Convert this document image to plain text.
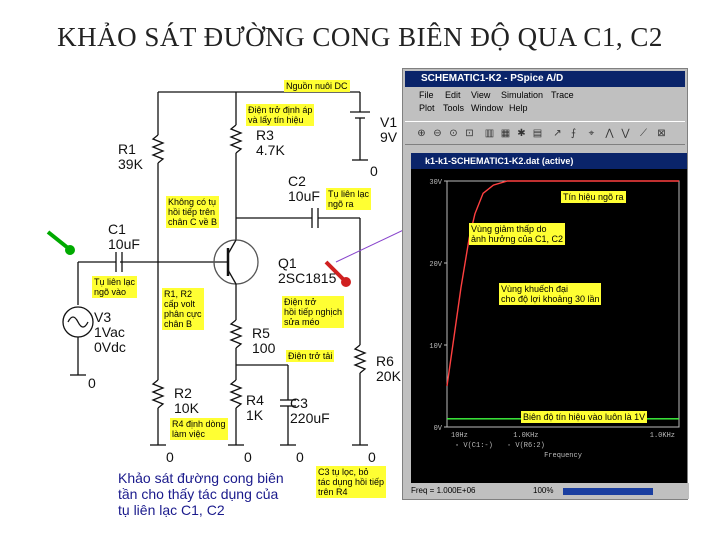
KHẢO SÁT ĐƯỜNG CONG BIÊN ĐỘ QUA C1, C2
R1
39K
R3
4.7K
C1
10uF
C2
10uF
V1
9V
Q1
2SC1815
V3
1Vac
0Vdc
R5
100
R2
10K	R4
1K
C3
220uF
R6
20K
0
0	0	0	0
0
Nguồn nuôi DC
Điện trở định áp
và lấy tín hiệu
Không có tụ
hồi tiếp trên
chân C về B
Tụ liên lạc
ngõ ra
Tụ liên lạc
ngõ vào	R1, R2
cấp volt
phân cực
chân B
Điện trở
hồi tiếp nghịch
sửa méo
Điện trở tải
R4 định dòng
làm việc
C3 tụ lọc, bỏ
tác dụng hồi tiếp
trên R4
Khảo sát đường cong biên
tần cho thấy tác dụng của
tụ liên lạc C1, C2
SCHEMATIC1-K2 - PSpice A/D
File Edit View Simulation Trace
Plot Tools Window Help
⊕ ⊖ ⊙ ⊡ ▥ ▦ ✱ ▤ ↗ ⨍	⌖	⋀ ⋁	⟋	⊠
k1-k1-SCHEMATIC1-K2.dat (active)
30V
20V
10V
0V
10Hz	1.0KHz	1.0KHz
▫ V(C1:-) ◦ V(R6:2)
Frequency
Tín hiệu ngõ ra
Vùng giảm thấp do
ảnh hưởng của C1, C2
Vùng khuếch đại
cho độ lợi khoảng 30 lần
Biên độ tín hiệu vào luôn là 1V
Freq = 1.000E+06	100%
